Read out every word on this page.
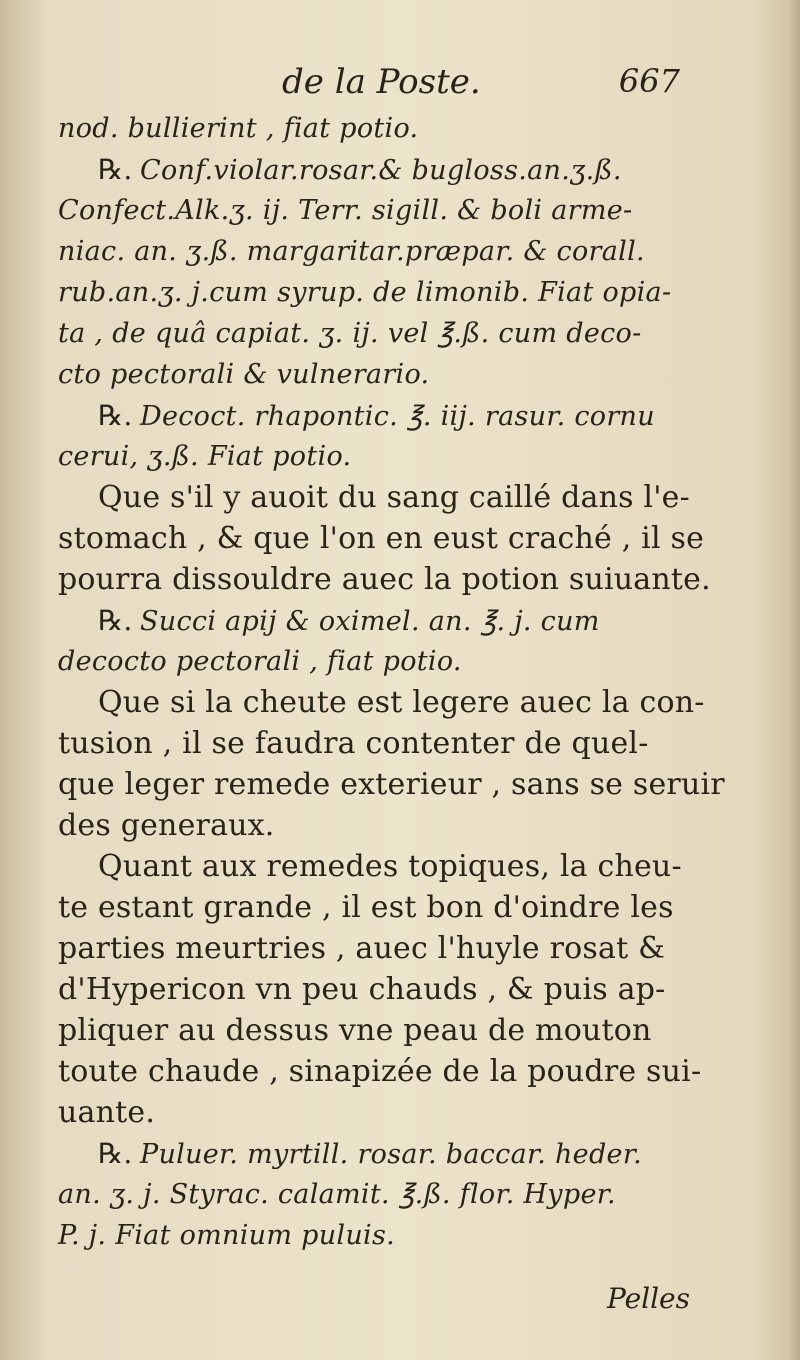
de la Poste.	667
nod. bullierint , fiat potio.
℞. Conf.violar.rosar.& bugloss.an.ʒ.ß.
Confect.Alk.ʒ. ij. Terr. sigill. & boli arme-
niac. an. ʒ.ß. margaritar.præpar. & corall.
rub.an.ʒ. j.cum syrup. de limonib. Fiat opia-
ta , de quâ capiat. ʒ. ij. vel ℥.ß. cum deco-
cto pectorali & vulnerario.
℞. Decoct. rhapontic. ℥. iij. rasur. cornu
cerui, ʒ.ß. Fiat potio.
Que s'il y auoit du sang caillé dans l'e-
stomach , & que l'on en eust craché , il se
pourra dissouldre auec la potion suiuante.
℞. Succi apij & oximel. an. ℥. j. cum
decocto pectorali , fiat potio.
Que si la cheute est legere auec la con-
tusion , il se faudra contenter de quel-
que leger remede exterieur , sans se seruir
des generaux.
Quant aux remedes topiques, la cheu-
te estant grande , il est bon d'oindre les
parties meurtries , auec l'huyle rosat &
d'Hypericon vn peu chauds , & puis ap-
pliquer au dessus vne peau de mouton
toute chaude , sinapizée de la poudre sui-
uante.
℞. Puluer. myrtill. rosar. baccar. heder.
an. ʒ. j. Styrac. calamit. ℥.ß. flor. Hyper.
P. j. Fiat omnium puluis.
Pelles
